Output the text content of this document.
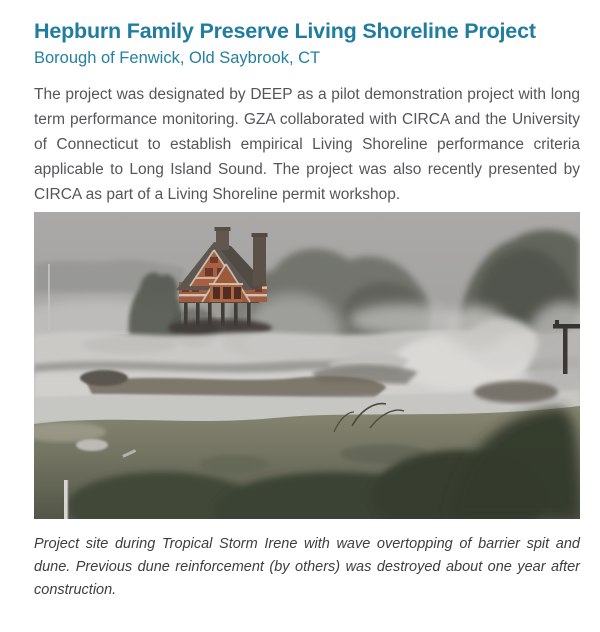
Hepburn Family Preserve Living Shoreline Project
Borough of Fenwick, Old Saybrook, CT

The project was designated by DEEP as a pilot demonstration project with long term performance monitoring. GZA collaborated with CIRCA and the University of Connecticut to establish empirical Living Shoreline performance criteria applicable to Long Island Sound. The project was also recently presented by CIRCA as part of a Living Shoreline permit workshop.

Project site during Tropical Storm Irene with wave overtopping of barrier spit and dune. Previous dune reinforcement (by others) was destroyed about one year after construction.
